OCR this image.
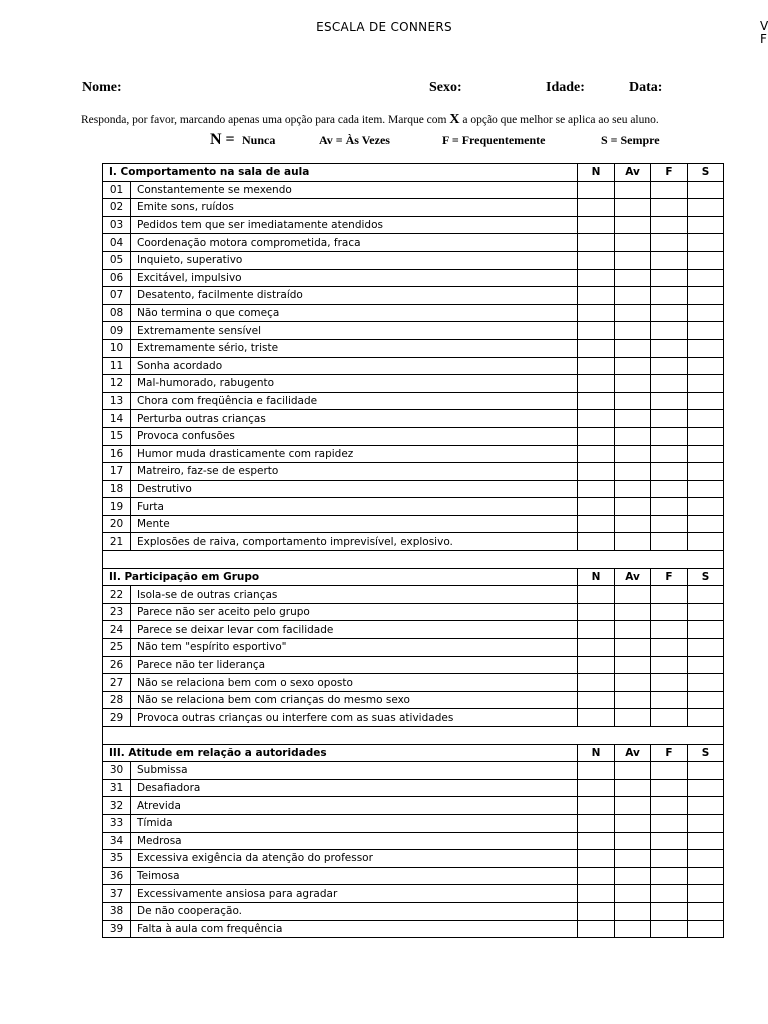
ESCALA DE CONNERS	V
F
Nome:	Sexo:	Idade:	Data:
Responda, por favor, marcando apenas uma opção para cada item. Marque com X a opção que melhor se aplica ao seu aluno.
N = Nunca	Av = Às Vezes	F = Frequentemente	S = Sempre
I. Comportamento na sala de aula		N	Av	F	S
01	Constantemente se mexendo				
02	Emite sons, ruídos				
03	Pedidos tem que ser imediatamente atendidos				
04	Coordenação motora comprometida, fraca				
05	Inquieto, superativo				
06	Excitável, impulsivo				
07	Desatento, facilmente distraído				
08	Não termina o que começa				
09	Extremamente sensível				
10	Extremamente sério, triste				
11	Sonha acordado				
12	Mal-humorado, rabugento				
13	Chora com freqüência e facilidade				
14	Perturba outras crianças				
15	Provoca confusões				
16	Humor muda drasticamente com rapidez				
17	Matreiro, faz-se de esperto				
18	Destrutivo				
19	Furta				
20	Mente				
21	Explosões de raiva, comportamento imprevisível, explosivo.				

II. Participação em Grupo		N	Av	F	S
22	Isola-se de outras crianças				
23	Parece não ser aceito pelo grupo				
24	Parece se deixar levar com facilidade				
25	Não tem "espírito esportivo"				
26	Parece não ter liderança				
27	Não se relaciona bem com o sexo oposto				
28	Não se relaciona bem com crianças do mesmo sexo				
29	Provoca outras crianças ou interfere com as suas atividades				

III. Atitude em relação a autoridades		N	Av	F	S
30	Submissa				
31	Desafiadora				
32	Atrevida				
33	Tímida				
34	Medrosa				
35	Excessiva exigência da atenção do professor				
36	Teimosa				
37	Excessivamente ansiosa para agradar				
38	De não cooperação.				
39	Falta à aula com frequência				
